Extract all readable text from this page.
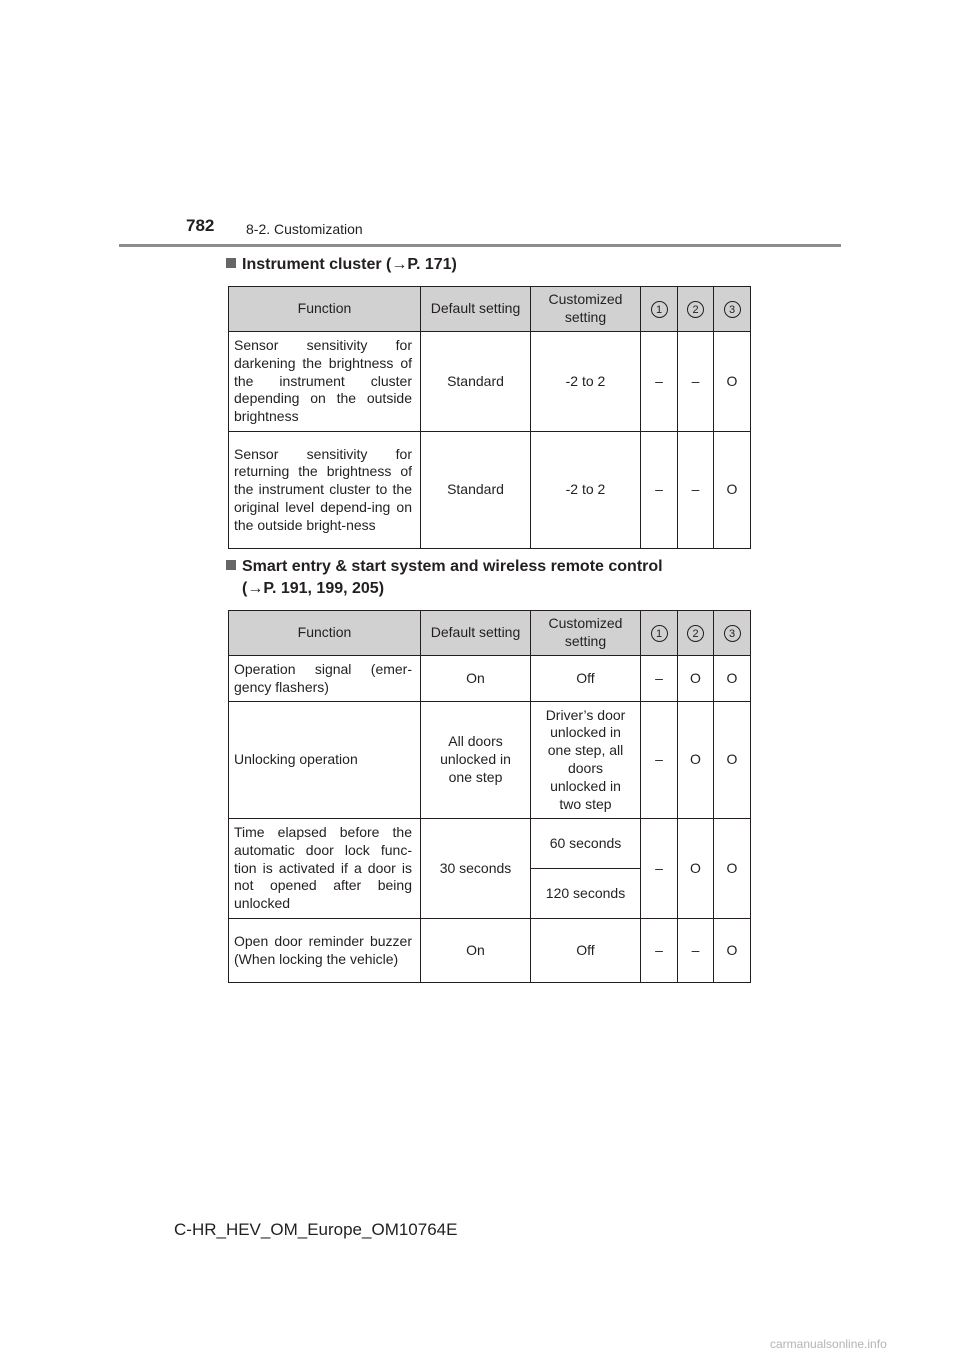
782 8-2. Customization
Instrument cluster (→P. 171)
Function	Default setting	Customized setting	1	2	3
Sensor sensitivity for darkening the brightness of the instrument cluster depending on the outside brightness	Standard	-2 to 2	–	–	O
Sensor sensitivity for returning the brightness of the instrument cluster to the original level depend-ing on the outside bright-ness	Standard	-2 to 2	–	–	O
Smart entry & start system and wireless remote control
(→P. 191, 199, 205)
Function	Default setting	Customized setting	1	2	3
Operation signal (emer-gency flashers)	On	Off	–	O	O
Unlocking operation	All doors unlocked in one step	Driver’s door unlocked in one step, all doors unlocked in two step	–	O	O
Time elapsed before the automatic door lock func-tion is activated if a door is not opened after being unlocked	30 seconds	60 seconds	–	O	O
		120 seconds			
Open door reminder buzzer (When locking the vehicle)	On	Off	–	–	O
C-HR_HEV_OM_Europe_OM10764E
carmanualsonline.info
